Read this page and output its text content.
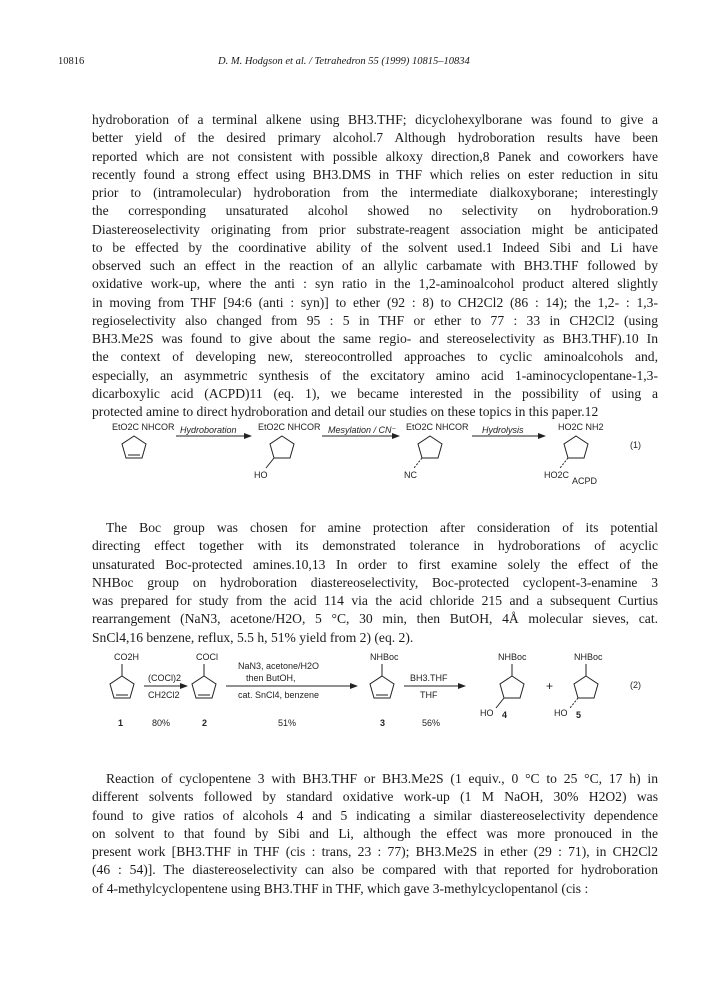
10816	D. M. Hodgson et al. / Tetrahedron 55 (1999) 10815–10834
hydroboration of a terminal alkene using BH3.THF; dicyclohexylborane was found to give a
better yield of the desired primary alcohol.7 Although hydroboration results have been
reported which are not consistent with possible alkoxy direction,8 Panek and coworkers have
recently found a strong effect using BH3.DMS in THF which relies on ester reduction in situ
prior to (intramolecular) hydroboration from the intermediate dialkoxyborane; interestingly
the corresponding unsaturated alcohol showed no selectivity on hydroboration.9
Diastereoselectivity originating from prior substrate-reagent association might be anticipated
to be effected by the coordinative ability of the solvent used.1 Indeed Sibi and Li have
observed such an effect in the reaction of an allylic carbamate with BH3.THF followed by
oxidative work-up, where the anti : syn ratio in the 1,2-aminoalcohol product altered slightly
in moving from THF [94:6 (anti : syn)] to ether (92 : 8) to CH2Cl2 (86 : 14); the 1,2- : 1,3-
regioselectivity also changed from 95 : 5 in THF or ether to 77 : 33 in CH2Cl2 (using
BH3.Me2S was found to give about the same regio- and stereoselectivity as BH3.THF).10 In
the context of developing new, stereocontrolled approaches to cyclic aminoalcohols and,
especially, an asymmetric synthesis of the excitatory amino acid 1-aminocyclopentane-1,3-
dicarboxylic acid (ACPD)11 (eq. 1), we became interested in the possibility of using a
protected amine to direct hydroboration and detail our studies on these topics in this paper.12
EtO2C NHCOR	EtO2C NHCOR	EtO2C NHCOR	HO2C NH2
Hydroboration	Mesylation / CN⁻	Hydrolysis
HO	NC	HO2C
ACPD
(1)
The Boc group was chosen for amine protection after consideration of its potential
directing effect together with its demonstrated tolerance in hydroborations of acyclic
unsaturated Boc-protected amines.10,13 In order to first examine solely the effect of the
NHBoc group on hydroboration diastereoselectivity, Boc-protected cyclopent-3-enamine 3
was prepared for study from the acid 114 via the acid chloride 215 and a subsequent Curtius
rearrangement (NaN3, acetone/H2O, 5 °C, 30 min, then ButOH, 4Å molecular sieves, cat.
SnCl4,16 benzene, reflux, 5.5 h, 51% yield from 2) (eq. 2).
CO2H	COCl	NHBoc	NHBoc	NHBoc
(COCl)2
CH2Cl2
NaN3, acetone/H2O
then ButOH,
cat. SnCl4, benzene
BH3.THF
THF
+
HO	HO
(2)
1	2	3
4	5
80%	51%	56%
Reaction of cyclopentene 3 with BH3.THF or BH3.Me2S (1 equiv., 0 °C to 25 °C, 17 h) in
different solvents followed by standard oxidative work-up (1 M NaOH, 30% H2O2) was
found to give ratios of alcohols 4 and 5 indicating a similar diastereoselectivity dependence
on solvent to that found by Sibi and Li, although the effect was more pronouced in the
present work [BH3.THF in THF (cis : trans, 23 : 77); BH3.Me2S in ether (29 : 71), in CH2Cl2
(46 : 54)]. The diastereoselectivity can also be compared with that reported for hydroboration
of 4-methylcyclopentene using BH3.THF in THF, which gave 3-methylcyclopentanol (cis :
